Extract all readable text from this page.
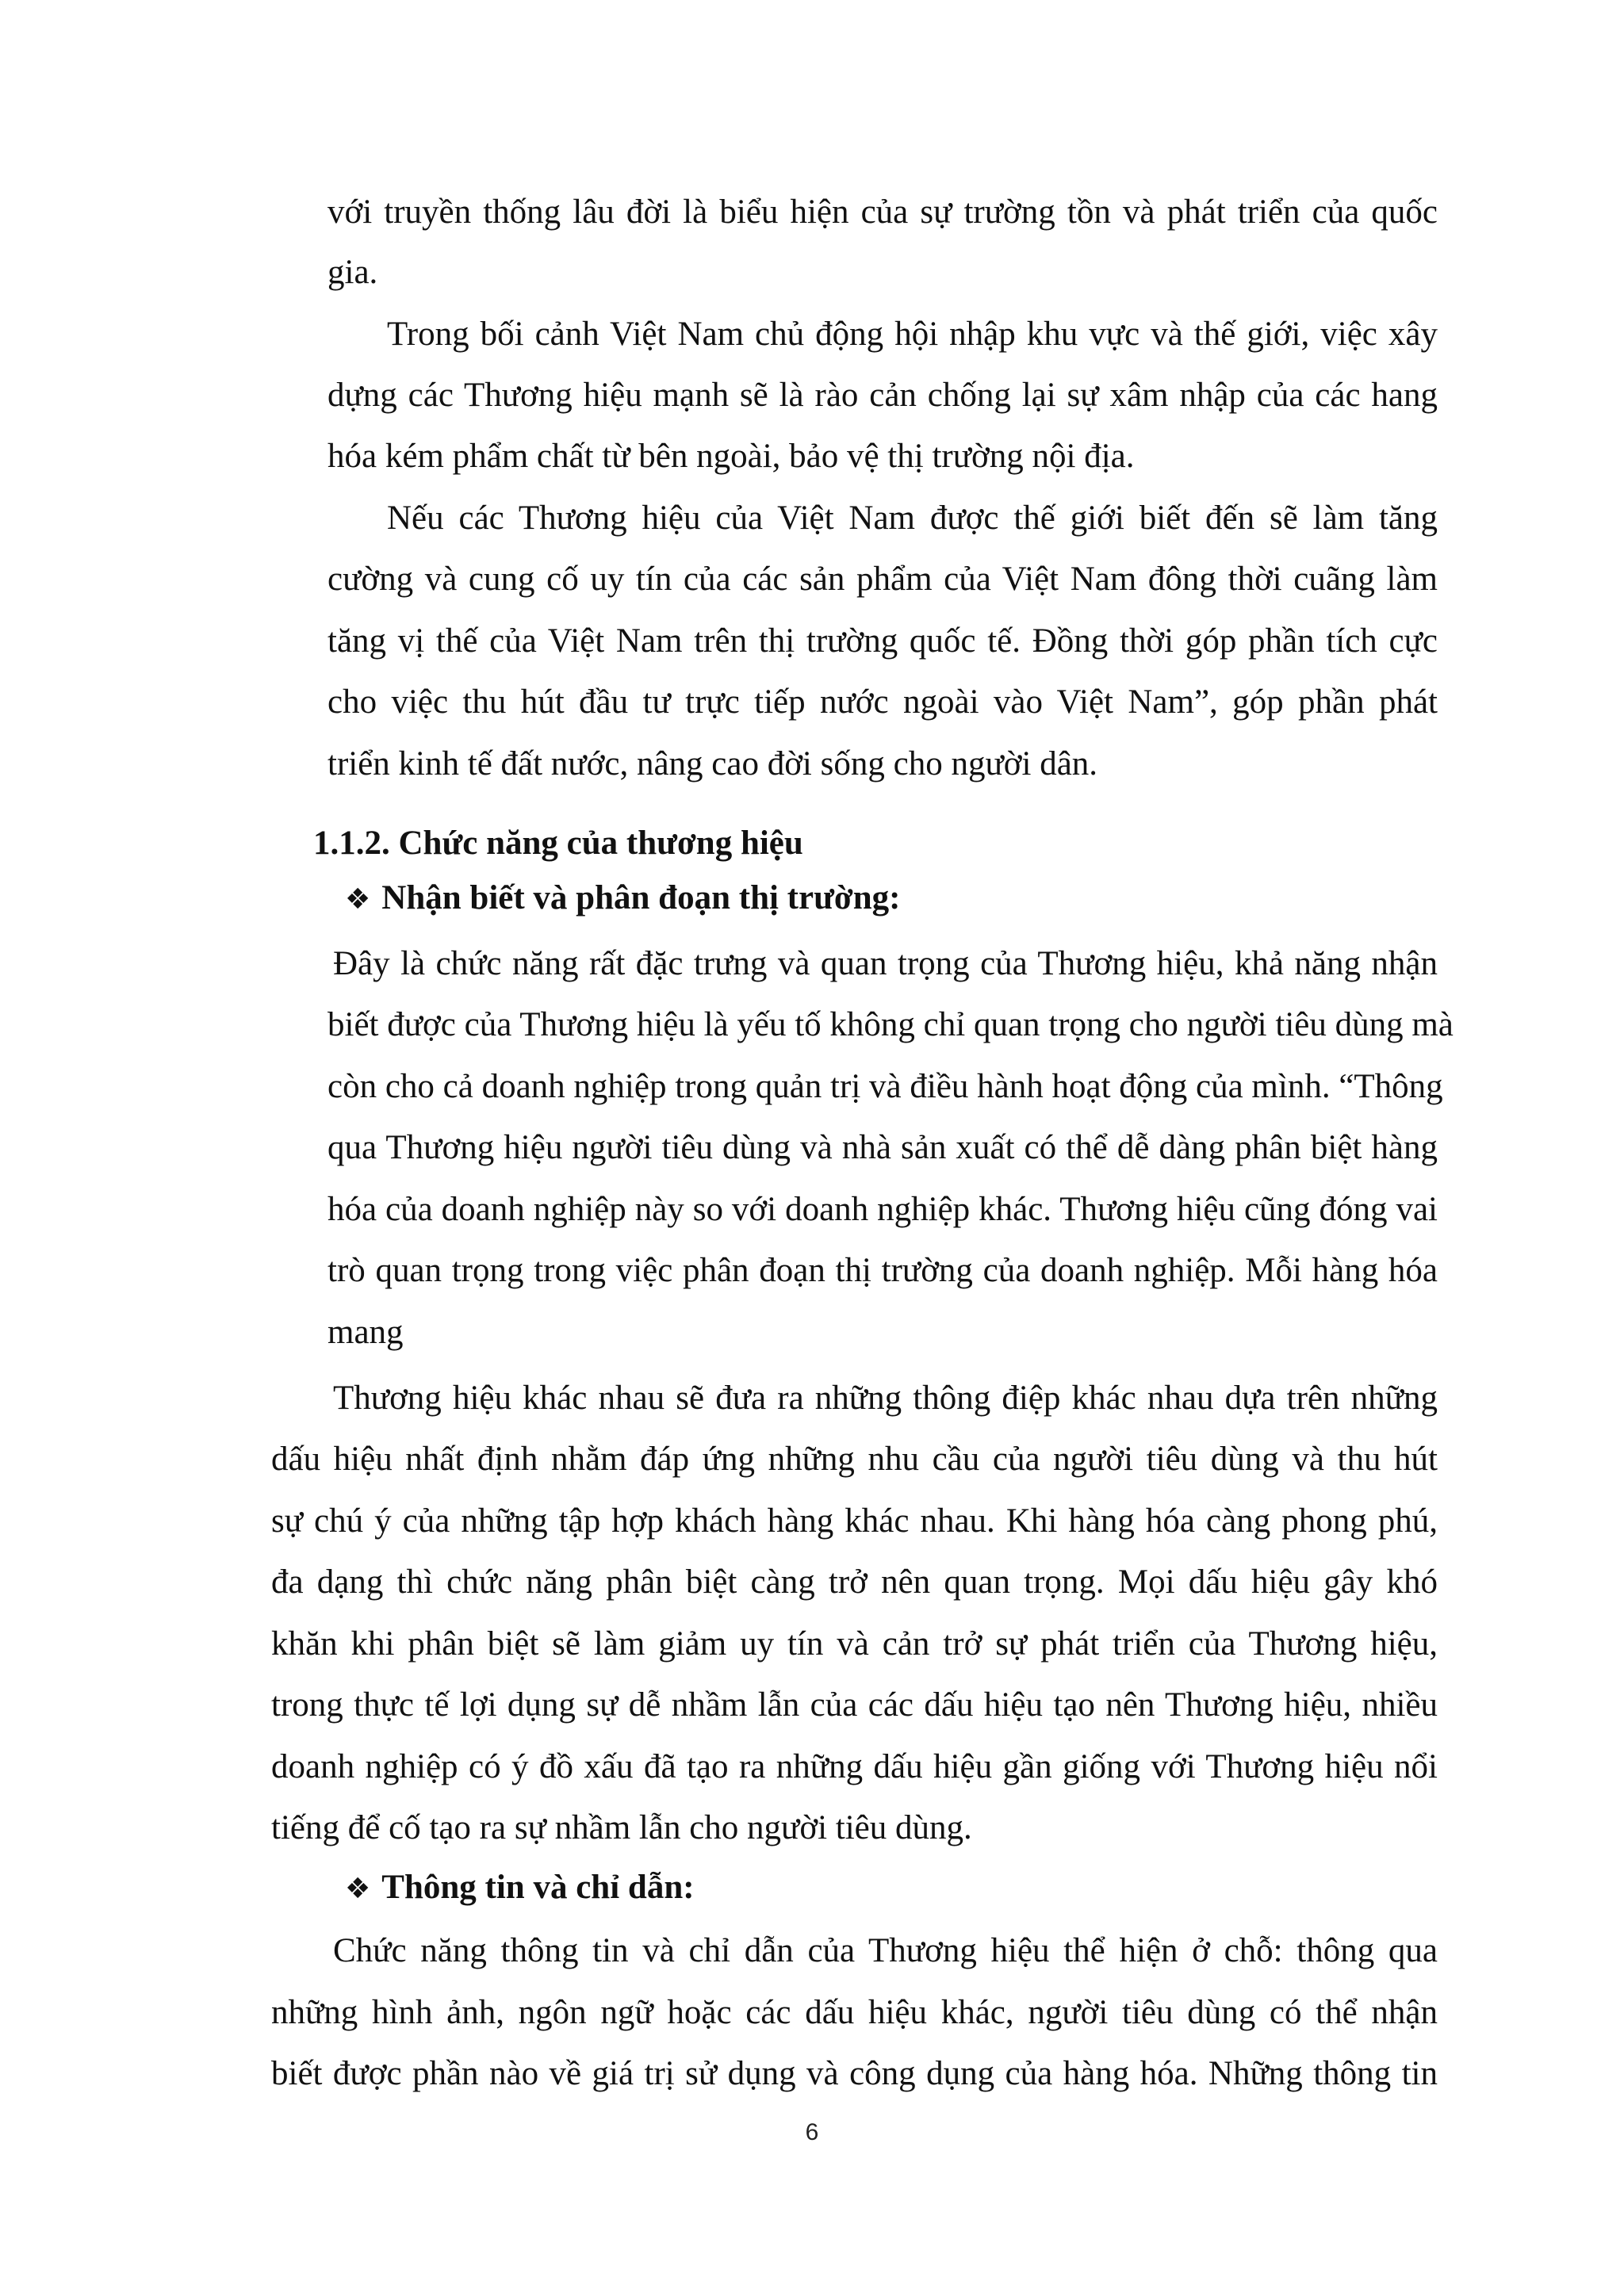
với truyền thống lâu đời là biểu hiện của sự trường tồn và phát triển của quốc

gia.

Trong bối cảnh Việt Nam chủ động hội nhập khu vực và thế giới, việc xây

dựng các Thương hiệu mạnh sẽ là rào cản chống lại sự xâm nhập của các hang

hóa kém phẩm chất từ bên ngoài, bảo vệ thị trường nội địa.

Nếu các Thương hiệu của Việt Nam được thế giới biết đến sẽ làm tăng

cường và cung cố uy tín của các sản phẩm của Việt Nam đông thời cuãng làm

tăng vị thế của Việt Nam trên thị trường quốc tế. Đồng thời góp phần tích cực

cho việc thu hút đầu tư trực tiếp nước ngoài vào Việt Nam”, góp phần phát

triển kinh tế đất nước, nâng cao đời sống cho người dân.

1.1.2. Chức năng của thương hiệu

❖ Nhận biết và phân đoạn thị trường:

Đây là chức năng rất đặc trưng và quan trọng của Thương hiệu, khả năng nhận

biết được của Thương hiệu là yếu tố không chỉ quan trọng cho người tiêu dùng mà

còn cho cả doanh nghiệp trong quản trị và điều hành hoạt động của mình. “Thông

qua Thương hiệu người tiêu dùng và nhà sản xuất có thể dễ dàng phân biệt hàng

hóa của doanh nghiệp này so với doanh nghiệp khác. Thương hiệu cũng đóng vai

trò quan trọng trong việc phân đoạn thị trường của doanh nghiệp. Mỗi hàng hóa

mang

Thương hiệu khác nhau sẽ đưa ra những thông điệp khác nhau dựa trên những

dấu hiệu nhất định nhằm đáp ứng những nhu cầu của người tiêu dùng và thu hút

sự chú ý của những tập hợp khách hàng khác nhau. Khi hàng hóa càng phong phú,

đa dạng thì chức năng phân biệt càng trở nên quan trọng. Mọi dấu hiệu gây khó

khăn khi phân biệt sẽ làm giảm uy tín và cản trở sự phát triển của Thương hiệu,

trong thực tế lợi dụng sự dễ nhầm lẫn của các dấu hiệu tạo nên Thương hiệu, nhiều

doanh nghiệp có ý đồ xấu đã tạo ra những dấu hiệu gần giống với Thương hiệu nổi

tiếng để cố tạo ra sự nhầm lẫn cho người tiêu dùng.

❖ Thông tin và chỉ dẫn:

Chức năng thông tin và chỉ dẫn của Thương hiệu thể hiện ở chỗ: thông qua

những hình ảnh, ngôn ngữ hoặc các dấu hiệu khác, người tiêu dùng có thể nhận

biết được phần nào về giá trị sử dụng và công dụng của hàng hóa. Những thông tin

6
